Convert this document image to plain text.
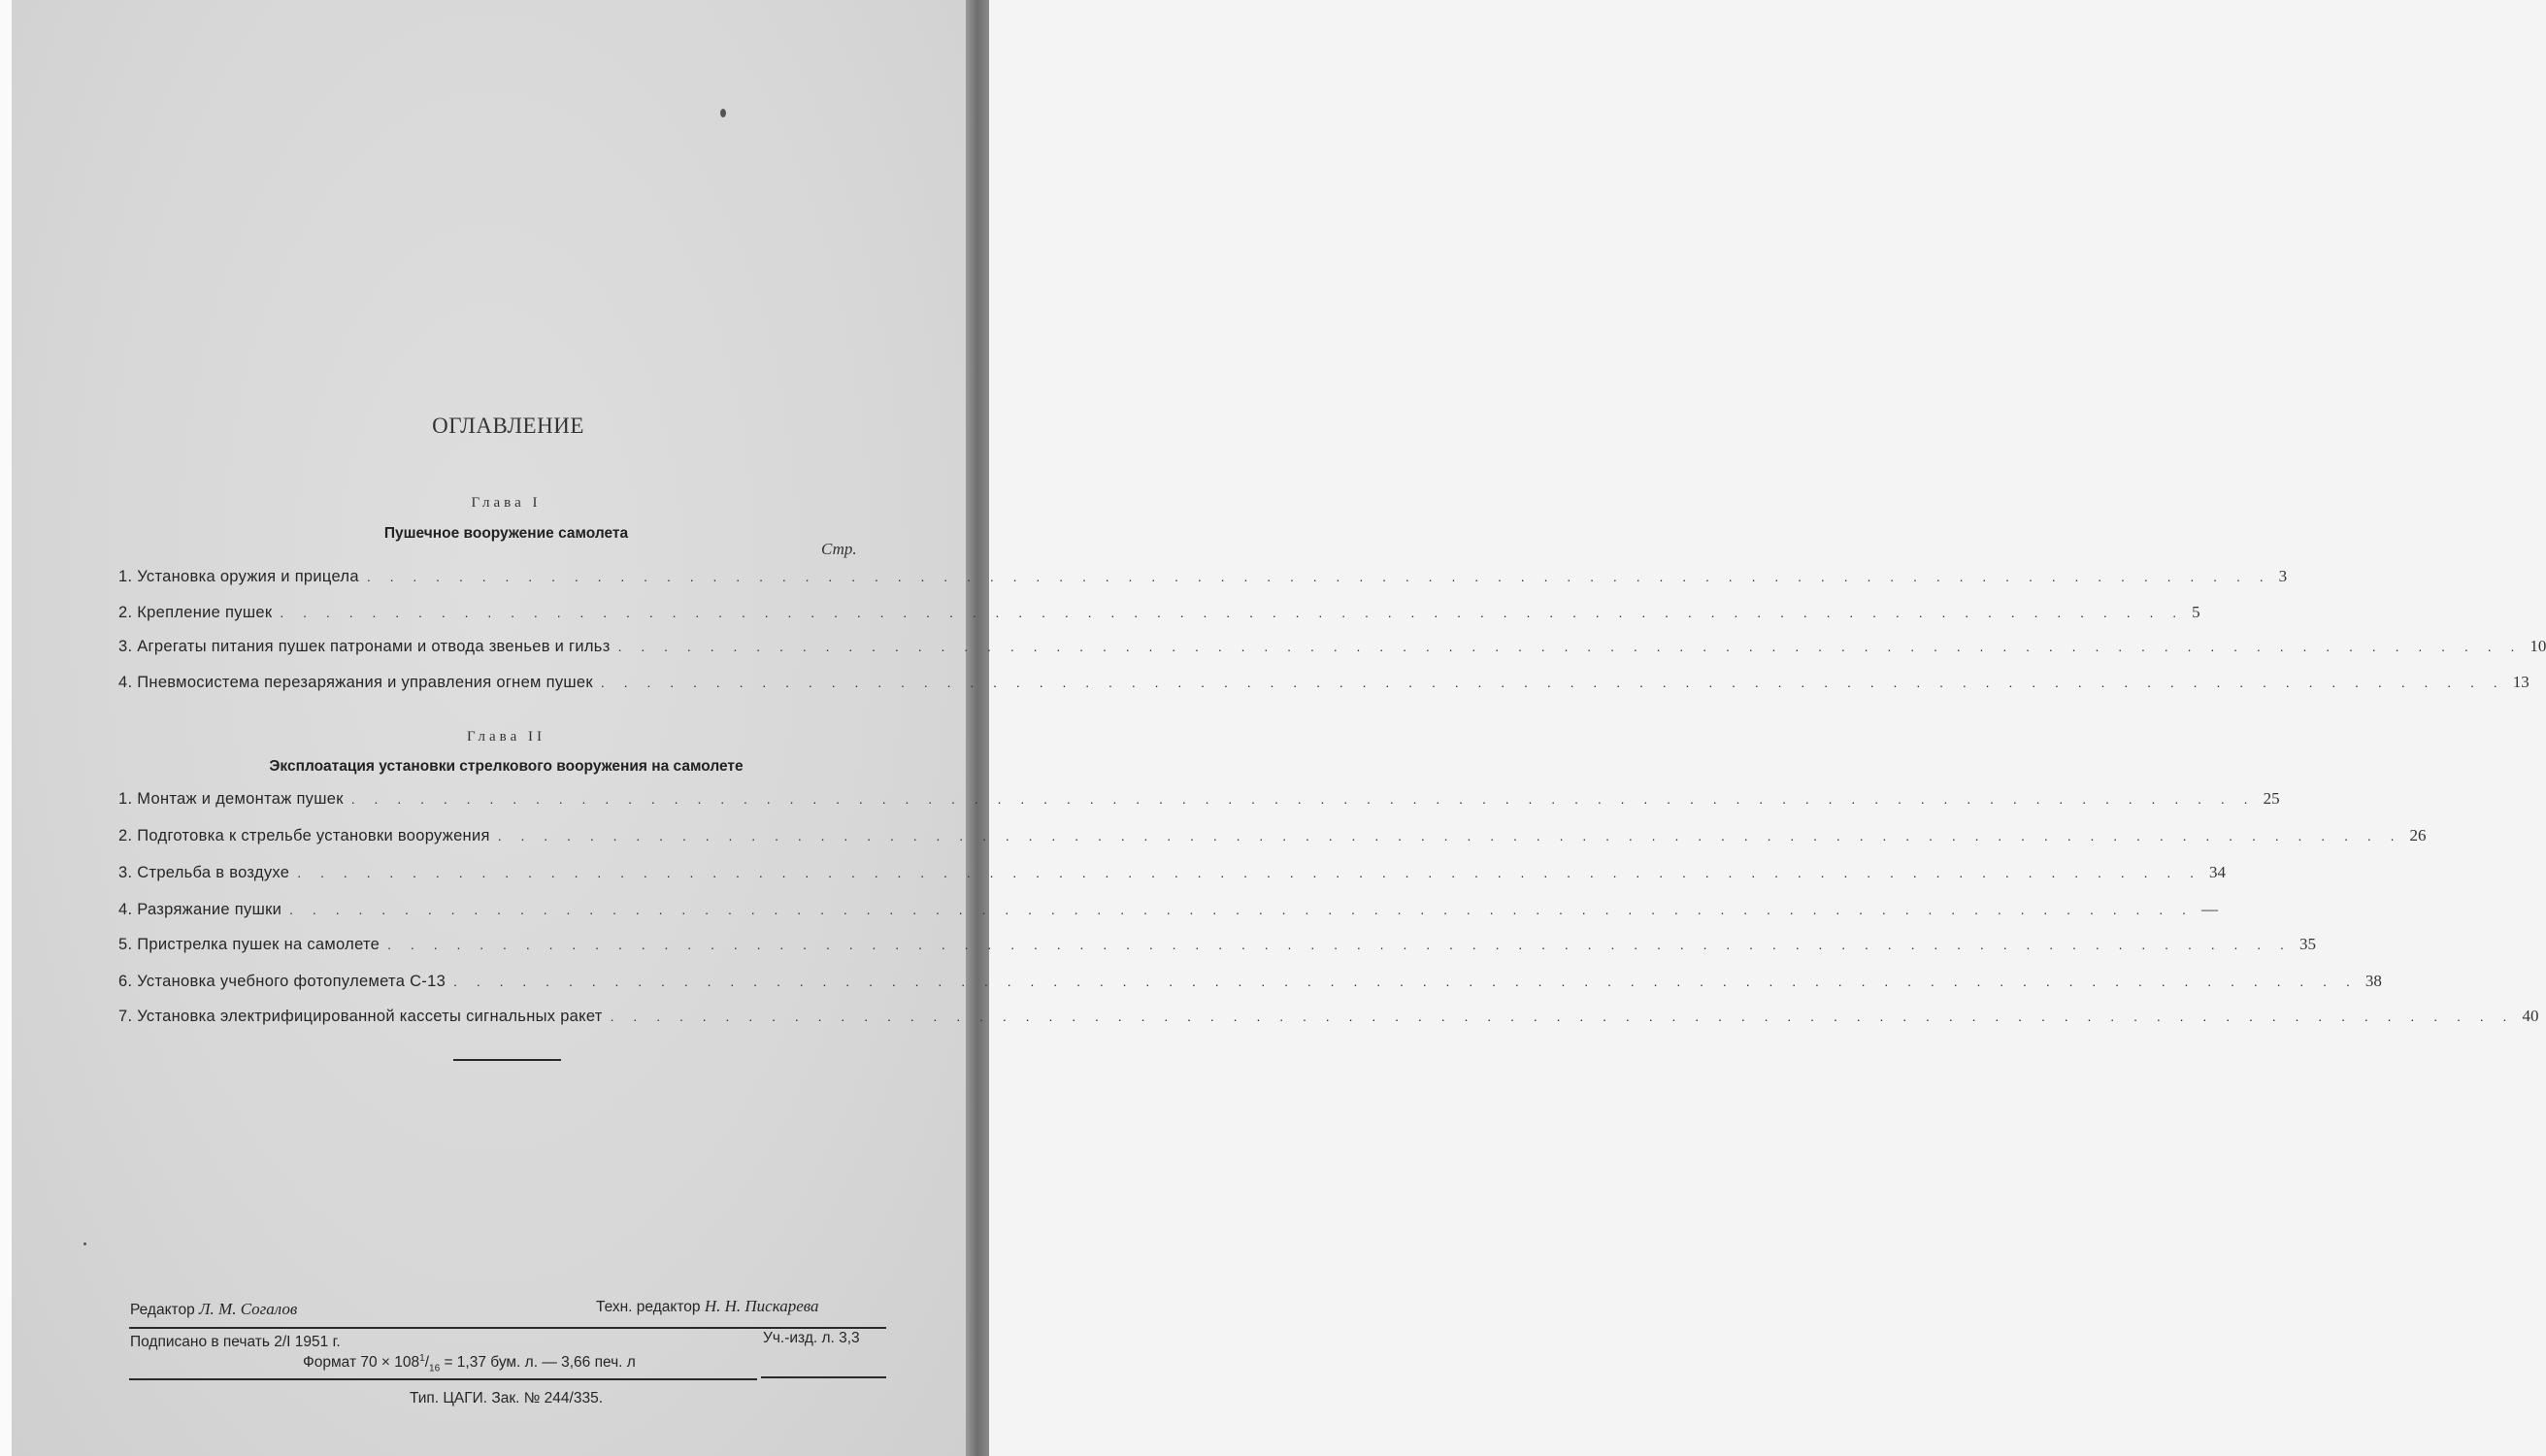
ОГЛАВЛЕНИЕ
Глава I
Пушечное вооружение самолета
Стр.
1. Установка оружия и прицела . . . . . . . . . . . . . . . . . . . . . . . . . . . . . . . . . . . . . . . . . . . . . . . . . . . . . . . . . . . . . . . . . . . . . . . . . . . . . . . . . . . 3
2. Крепление пушек . . . . . . . . . . . . . . . . . . . . . . . . . . . . . . . . . . . . . . . . . . . . . . . . . . . . . . . . . . . . . . . . . . . . . . . . . . . . . . . . . . . 5
3. Агрегаты питания пушек патронами и отвода звеньев и гильз . . . . . . . . . . . . . . . . . . . . . . . . . . . . . . . . . . . . . . . . . . . . . . . . . . . . . . . . . . . . . . . . . . . . . . . . . . . . . . . . . . . 10
4. Пневмосистема перезаряжания и управления огнем пушек . . . . . . . . . . . . . . . . . . . . . . . . . . . . . . . . . . . . . . . . . . . . . . . . . . . . . . . . . . . . . . . . . . . . . . . . . . . . . . . . . . . 13
Глава II
Эксплоатация установки стрелкового вооружения на самолете
1. Монтаж и демонтаж пушек . . . . . . . . . . . . . . . . . . . . . . . . . . . . . . . . . . . . . . . . . . . . . . . . . . . . . . . . . . . . . . . . . . . . . . . . . . . . . . . . . . . 25
2. Подготовка к стрельбе установки вооружения . . . . . . . . . . . . . . . . . . . . . . . . . . . . . . . . . . . . . . . . . . . . . . . . . . . . . . . . . . . . . . . . . . . . . . . . . . . . . . . . . . . 26
3. Стрельба в воздухе . . . . . . . . . . . . . . . . . . . . . . . . . . . . . . . . . . . . . . . . . . . . . . . . . . . . . . . . . . . . . . . . . . . . . . . . . . . . . . . . . . . 34
4. Разряжание пушки . . . . . . . . . . . . . . . . . . . . . . . . . . . . . . . . . . . . . . . . . . . . . . . . . . . . . . . . . . . . . . . . . . . . . . . . . . . . . . . . . . . —
5. Пристрелка пушек на самолете . . . . . . . . . . . . . . . . . . . . . . . . . . . . . . . . . . . . . . . . . . . . . . . . . . . . . . . . . . . . . . . . . . . . . . . . . . . . . . . . . . . 35
6. Установка учебного фотопулемета С-13 . . . . . . . . . . . . . . . . . . . . . . . . . . . . . . . . . . . . . . . . . . . . . . . . . . . . . . . . . . . . . . . . . . . . . . . . . . . . . . . . . . . 38
7. Установка электрифицированной кассеты сигнальных ракет . . . . . . . . . . . . . . . . . . . . . . . . . . . . . . . . . . . . . . . . . . . . . . . . . . . . . . . . . . . . . . . . . . . . . . . . . . . . . . . . . . . 40
Редактор Л. М. Согалов	Техн. редактор Н. Н. Пискарева
Подписано в печать 2/I 1951 г.	Уч.-изд. л. 3,3
Формат $70 \times 108^1/_{16} = 1,37$ бум. л. — 3,66 печ. л
Тип. ЦАГИ. Зак. № 244/335.
